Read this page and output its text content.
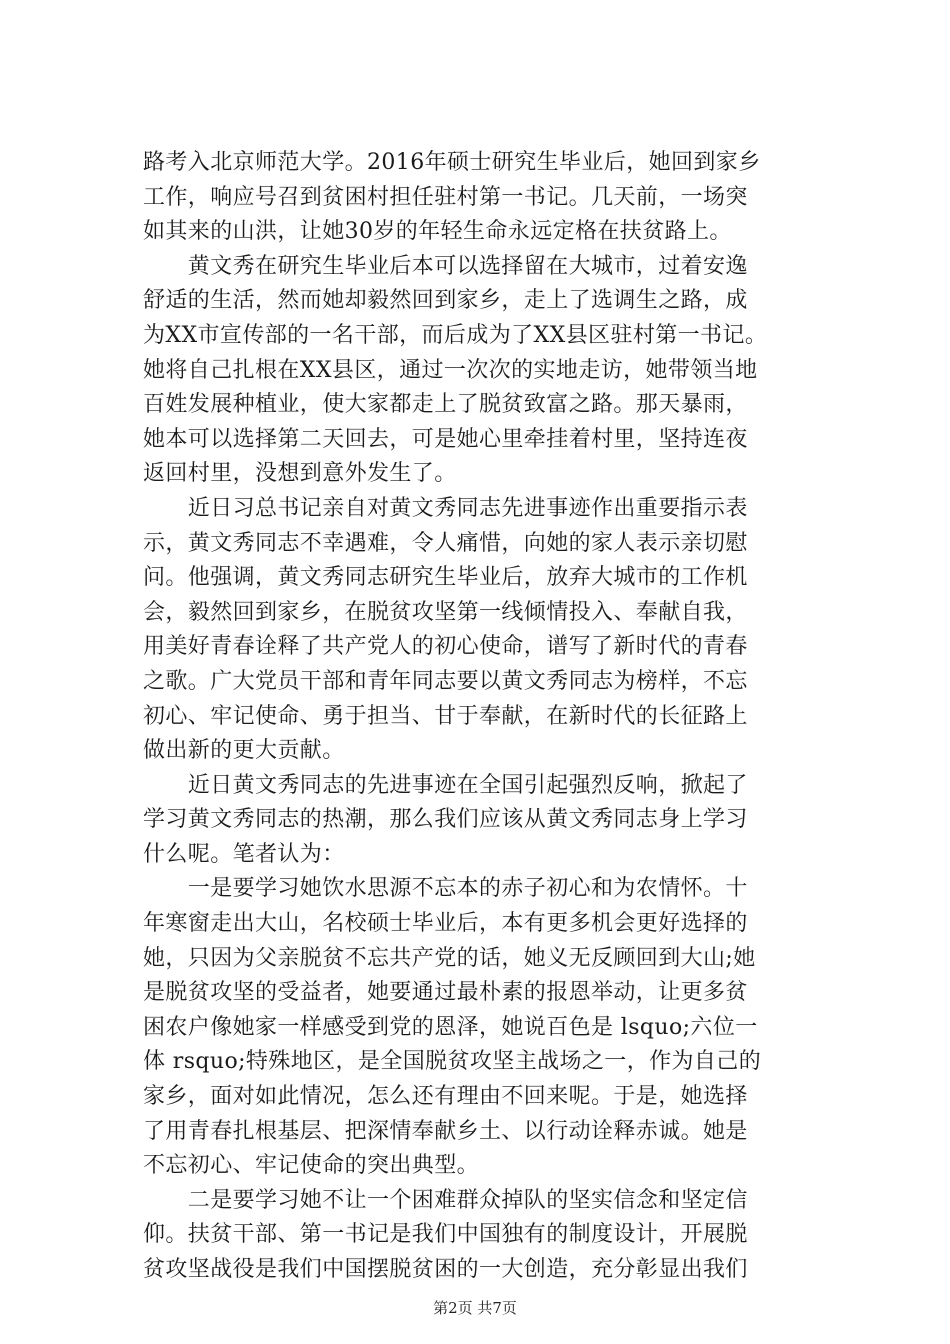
路考入北京师范大学。2016年硕士研究生毕业后，她回到家乡
工作，响应号召到贫困村担任驻村第一书记。几天前，一场突
如其来的山洪，让她30岁的年轻生命永远定格在扶贫路上。

　　黄文秀在研究生毕业后本可以选择留在大城市，过着安逸
舒适的生活，然而她却毅然回到家乡，走上了选调生之路，成
为XX市宣传部的一名干部，而后成为了XX县区驻村第一书记。
她将自己扎根在XX县区，通过一次次的实地走访，她带领当地
百姓发展种植业，使大家都走上了脱贫致富之路。那天暴雨，
她本可以选择第二天回去，可是她心里牵挂着村里，坚持连夜
返回村里，没想到意外发生了。

　　近日习总书记亲自对黄文秀同志先进事迹作出重要指示表
示，黄文秀同志不幸遇难，令人痛惜，向她的家人表示亲切慰
问。他强调，黄文秀同志研究生毕业后，放弃大城市的工作机
会，毅然回到家乡，在脱贫攻坚第一线倾情投入、奉献自我，
用美好青春诠释了共产党人的初心使命，谱写了新时代的青春
之歌。广大党员干部和青年同志要以黄文秀同志为榜样，不忘
初心、牢记使命、勇于担当、甘于奉献，在新时代的长征路上
做出新的更大贡献。

　　近日黄文秀同志的先进事迹在全国引起强烈反响，掀起了
学习黄文秀同志的热潮，那么我们应该从黄文秀同志身上学习
什么呢。笔者认为：

　　一是要学习她饮水思源不忘本的赤子初心和为农情怀。十
年寒窗走出大山，名校硕士毕业后，本有更多机会更好选择的
她，只因为父亲脱贫不忘共产党的话，她义无反顾回到大山;她
是脱贫攻坚的受益者，她要通过最朴素的报恩举动，让更多贫
困农户像她家一样感受到党的恩泽，她说百色是 lsquo;六位一
体 rsquo;特殊地区，是全国脱贫攻坚主战场之一，作为自己的
家乡，面对如此情况，怎么还有理由不回来呢。于是，她选择
了用青春扎根基层、把深情奉献乡土、以行动诠释赤诚。她是
不忘初心、牢记使命的突出典型。

　　二是要学习她不让一个困难群众掉队的坚实信念和坚定信
仰。扶贫干部、第一书记是我们中国独有的制度设计，开展脱
贫攻坚战役是我们中国摆脱贫困的一大创造，充分彰显出我们

第2页 共7页
